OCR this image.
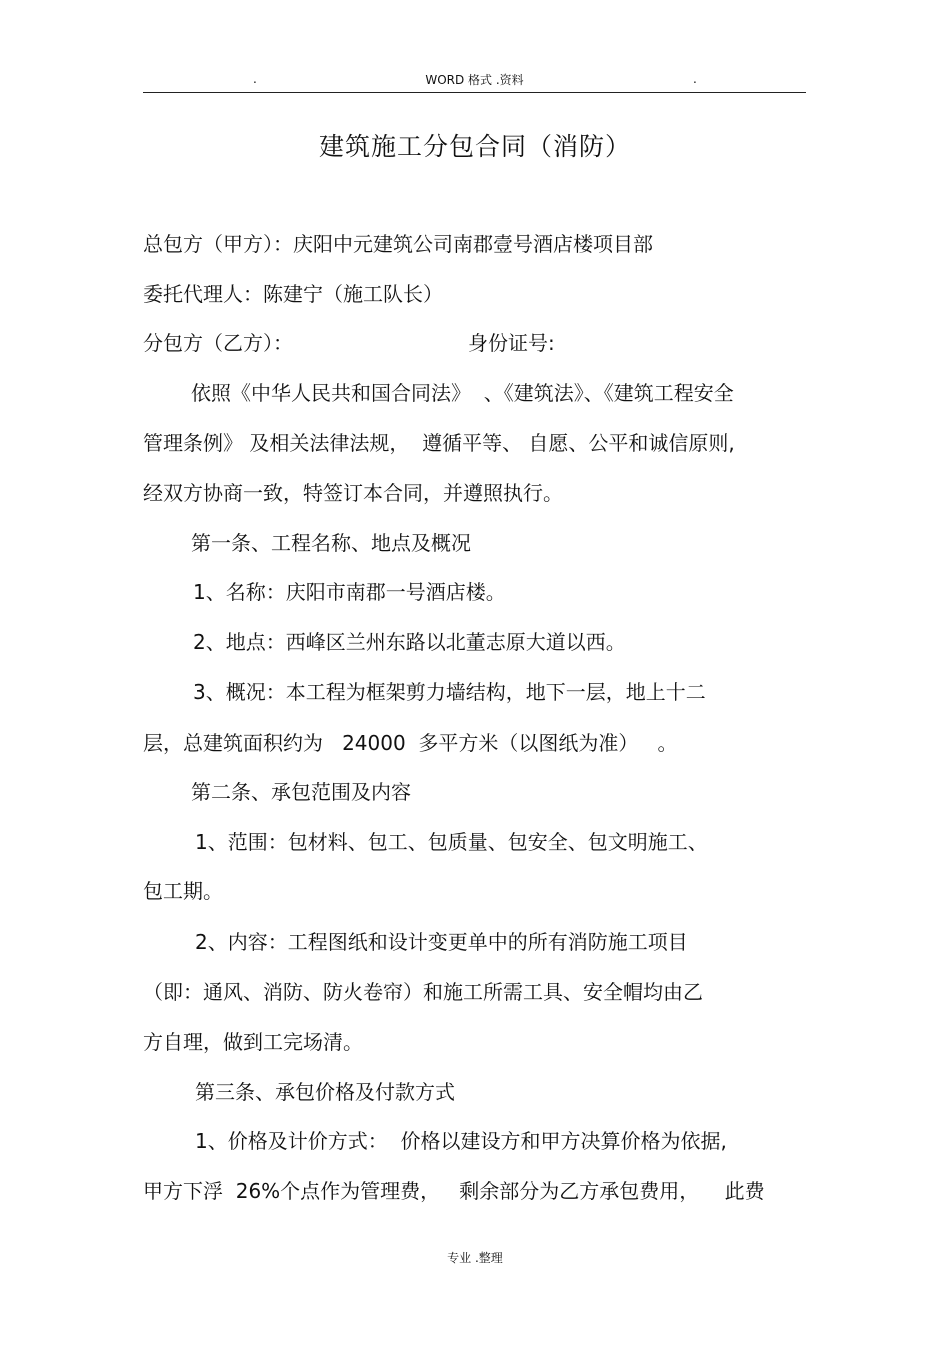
.	WORD 格式 .资料	.
建筑施工分包合同（消防）
总包方（甲方）：庆阳中元建筑公司南郡壹号酒店楼项目部
委托代理人：陈建宁（施工队长）
分包方（乙方）：	身份证号:
依照《中华人民共和国合同法》  、《建筑法》、《建筑工程安全
管理条例》 及相关法律法规，  遵循平等、 自愿、公平和诚信原则,
经双方协商一致，特签订本合同，并遵照执行。
第一条、工程名称、地点及概况
1、名称：庆阳市南郡一号酒店楼。
2、地点：西峰区兰州东路以北董志原大道以西。
3、概况：本工程为框架剪力墙结构，地下一层，地上十二
层，总建筑面积约为   24000  多平方米（以图纸为准）   。
第二条、承包范围及内容
1、范围：包材料、包工、包质量、包安全、包文明施工、
包工期。
2、内容：工程图纸和设计变更单中的所有消防施工项目
（即：通风、消防、防火卷帘）和施工所需工具、安全帽均由乙
方自理，做到工完场清。
第三条、承包价格及付款方式
1、价格及计价方式：  价格以建设方和甲方决算价格为依据,
甲方下浮  26%个点作为管理费，   剩余部分为乙方承包费用，    此费
专业 .整理
